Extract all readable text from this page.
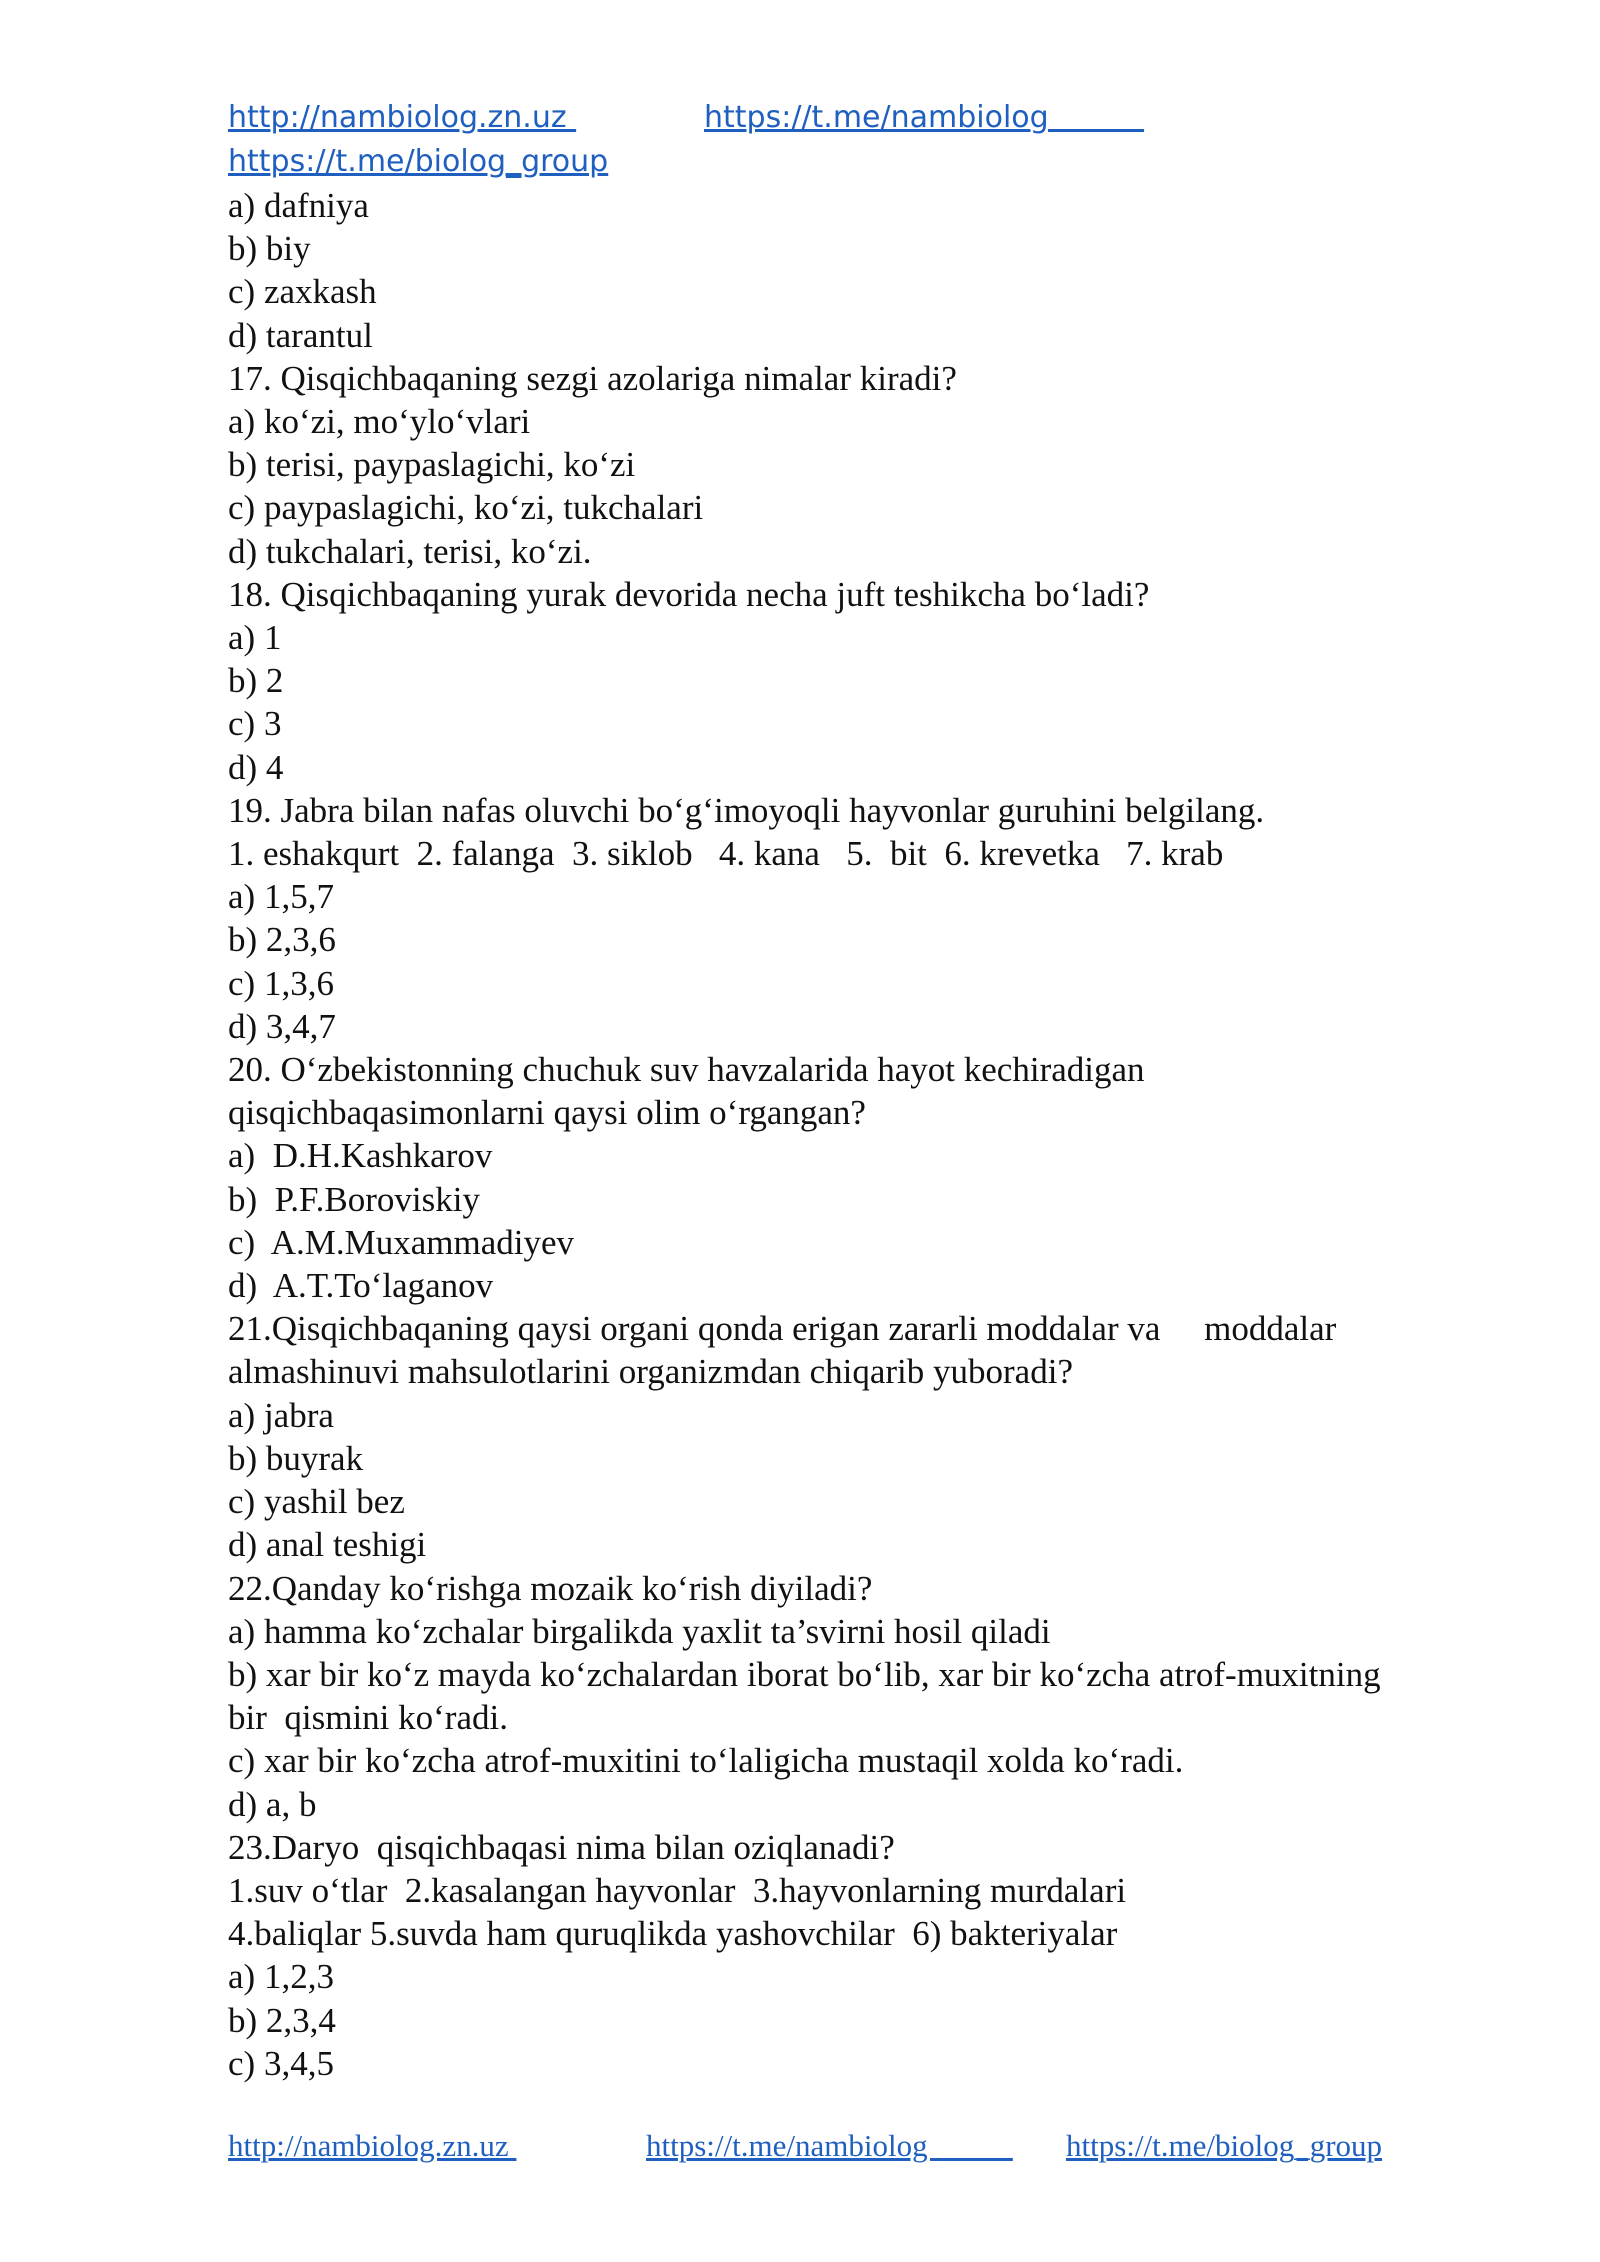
http://nambiolog.zn.uz	https://t.me/nambiolog
https://t.me/biolog_group
a) dafniya
b) biy
c) zaxkash
d) tarantul
17. Qisqichbaqaning sezgi azolariga nimalar kiradi?
a) koʻzi, moʻyloʻvlari
b) terisi, paypaslagichi, koʻzi
c) paypaslagichi, koʻzi, tukchalari
d) tukchalari, terisi, koʻzi.
18. Qisqichbaqaning yurak devorida necha juft teshikcha boʻladi?
a) 1
b) 2
c) 3
d) 4
19. Jabra bilan nafas oluvchi boʻgʻimoyoqli hayvonlar guruhini belgilang.
1. eshakqurt  2. falanga  3. siklob   4. kana   5.  bit  6. krevetka   7. krab
a) 1,5,7
b) 2,3,6
c) 1,3,6
d) 3,4,7
20. Oʻzbekistonning chuchuk suv havzalarida hayot kechiradigan
qisqichbaqasimonlarni qaysi olim oʻrgangan?
a)  D.H.Kashkarov
b)  P.F.Boroviskiy
c)  A.M.Muxammadiyev
d)  A.T.Toʻlaganov
21.Qisqichbaqaning qaysi organi qonda erigan zararli moddalar va     moddalar
almashinuvi mahsulotlarini organizmdan chiqarib yuboradi?
a) jabra
b) buyrak
c) yashil bez
d) anal teshigi
22.Qanday koʻrishga mozaik koʻrish diyiladi?
a) hamma koʻzchalar birgalikda yaxlit ta’svirni hosil qiladi
b) xar bir koʻz mayda koʻzchalardan iborat boʻlib, xar bir koʻzcha atrof-muxitning
bir  qismini koʻradi.
c) xar bir koʻzcha atrof-muxitini toʻlaligicha mustaqil xolda koʻradi.
d) a, b
23.Daryo  qisqichbaqasi nima bilan oziqlanadi?
1.suv oʻtlar  2.kasalangan hayvonlar  3.hayvonlarning murdalari
4.baliqlar 5.suvda ham quruqlikda yashovchilar  6) bakteriyalar
a) 1,2,3
b) 2,3,4
c) 3,4,5
http://nambiolog.zn.uz	https://t.me/nambiolog https://t.me/biolog_group
